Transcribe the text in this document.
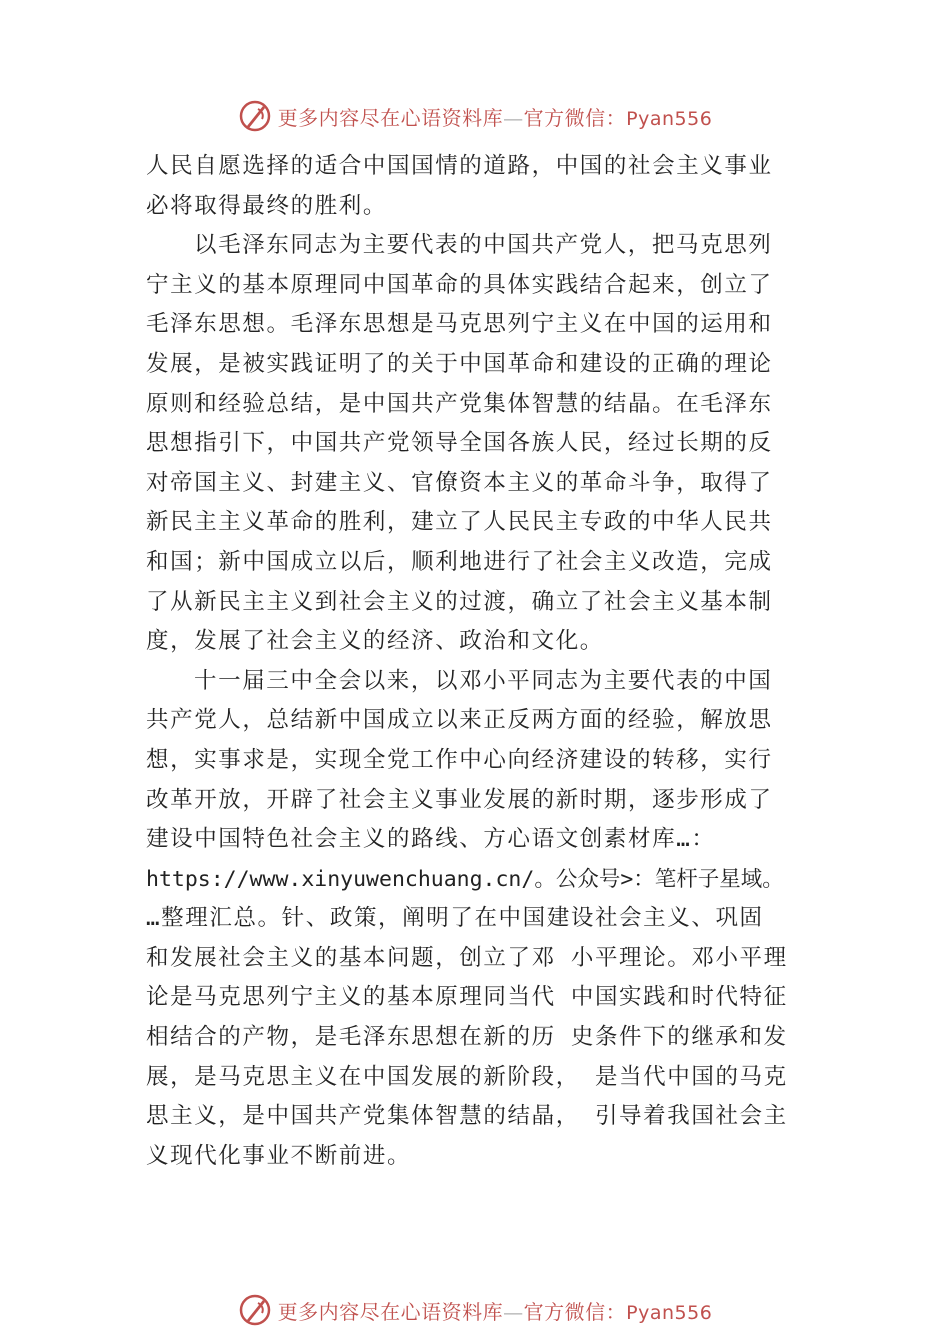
更多内容尽在心语资料库—官方微信：Pyan556
人民自愿选择的适合中国国情的道路，中国的社会主义事业
必将取得最终的胜利。
以毛泽东同志为主要代表的中国共产党人，把马克思列
宁主义的基本原理同中国革命的具体实践结合起来，创立了
毛泽东思想。毛泽东思想是马克思列宁主义在中国的运用和
发展，是被实践证明了的关于中国革命和建设的正确的理论
原则和经验总结，是中国共产党集体智慧的结晶。在毛泽东
思想指引下，中国共产党领导全国各族人民，经过长期的反
对帝国主义、封建主义、官僚资本主义的革命斗争，取得了
新民主主义革命的胜利，建立了人民民主专政的中华人民共
和国；新中国成立以后，顺利地进行了社会主义改造，完成
了从新民主主义到社会主义的过渡，确立了社会主义基本制
度，发展了社会主义的经济、政治和文化。
十一届三中全会以来，以邓小平同志为主要代表的中国
共产党人，总结新中国成立以来正反两方面的经验，解放思
想，实事求是，实现全党工作中心向经济建设的转移，实行
改革开放，开辟了社会主义事业发展的新时期，逐步形成了
建设中国特色社会主义的路线、方心语文创素材库…：
https://www.xinyuwenchuang.cn/。公众号>：笔杆子星域。
…整理汇总。针、政策，阐明了在中国建设社会主义、巩固
和发展社会主义的基本问题，创立了邓 小平理论。邓小平理
论是马克思列宁主义的基本原理同当代 中国实践和时代特征
相结合的产物，是毛泽东思想在新的历 史条件下的继承和发
展，是马克思主义在中国发展的新阶段， 是当代中国的马克
思主义，是中国共产党集体智慧的结晶， 引导着我国社会主
义现代化事业不断前进。
更多内容尽在心语资料库—官方微信：Pyan556
